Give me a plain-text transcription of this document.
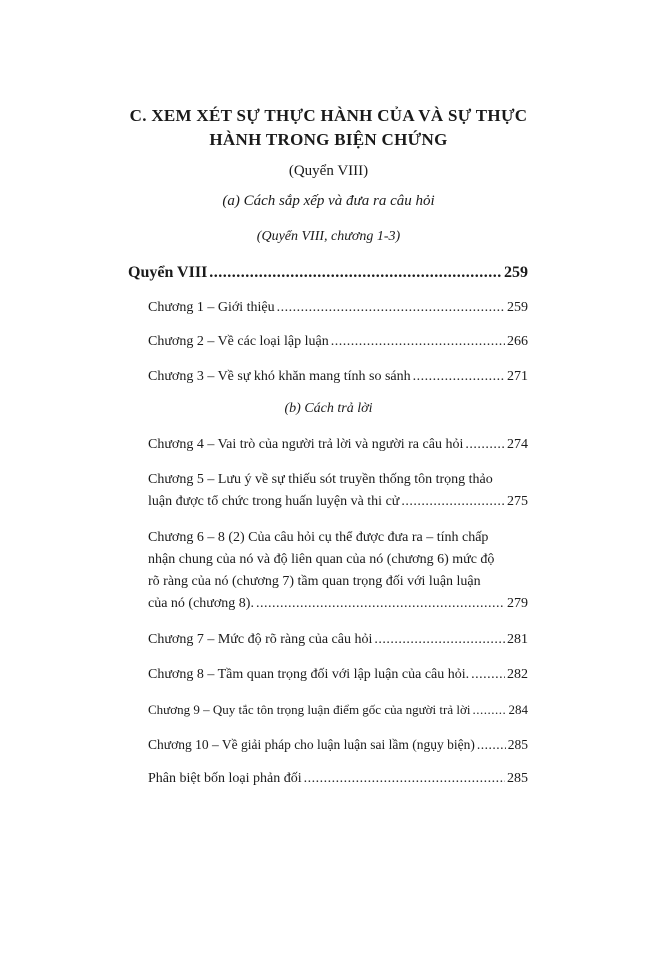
C. XEM XÉT SỰ THỰC HÀNH CỦA VÀ SỰ THỰC
HÀNH TRONG BIỆN CHỨNG
(Quyển VIII)
(a) Cách sắp xếp và đưa ra câu hỏi
(Quyển VIII, chương 1-3)
Quyển VIII .....	259
Chương 1 – Giới thiệu .....	259
Chương 2 – Về các loại lập luận .....	266
Chương 3 – Về sự khó khăn mang tính so sánh .....	271
(b) Cách trả lời
Chương 4 – Vai trò của người trả lời và người ra câu hỏi .....	274
Chương 5 – Lưu ý về sự thiếu sót truyền thống tôn trọng thảo
luận được tổ chức trong huấn luyện và thi cử .....	275
Chương 6 – 8 (2) Của câu hỏi cụ thể được đưa ra – tính chấp
nhận chung của nó và độ liên quan của nó (chương 6) mức độ
rõ ràng của nó (chương 7) tầm quan trọng đối với luận luận
của nó (chương 8). .....	279
Chương 7 – Mức độ rõ ràng của câu hỏi .....	281
Chương 8 – Tầm quan trọng đối với lập luận của câu hỏi. .....	282
Chương 9 – Quy tắc tôn trọng luận điểm gốc của người trả lời .....	284
Chương 10 – Về giải pháp cho luận luận sai lầm (ngụy biện) ..... 285
Phân biệt bốn loại phản đối .....	285
